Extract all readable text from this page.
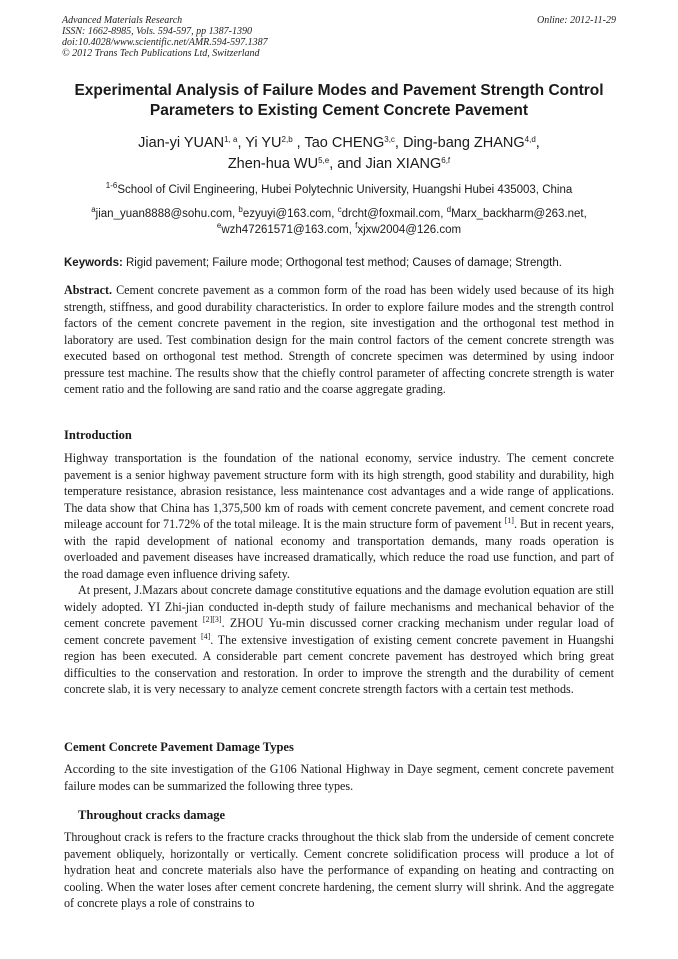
Advanced Materials Research
ISSN: 1662-8985, Vols. 594-597, pp 1387-1390
doi:10.4028/www.scientific.net/AMR.594-597.1387
© 2012 Trans Tech Publications Ltd, Switzerland
Online: 2012-11-29
Experimental Analysis of Failure Modes and Pavement Strength Control
Parameters to Existing Cement Concrete Pavement
Jian-yi YUAN$^{1, a}$, Yi YU$^{2,b}$ , Tao CHENG$^{3,c}$, Ding-bang ZHANG$^{4,d}$,
Zhen-hua WU$^{5,e}$, and Jian XIANG$^{6,f}$
$^{1-6}$School of Civil Engineering, Hubei Polytechnic University, Huangshi Hubei 435003, China
$^a$jian_yuan8888@sohu.com, $^b$ezyuyi@163.com, $^c$drcht@foxmail.com, $^d$Marx_backharm@263.net,
$^e$wzh47261571@163.com, $^f$xjxw2004@126.com
Keywords: Rigid pavement; Failure mode; Orthogonal test method; Causes of damage; Strength.

Abstract. Cement concrete pavement as a common form of the road has been widely used because of its high strength, stiffness, and good durability characteristics. In order to explore failure modes and the strength control factors of the cement concrete pavement in the region, site investigation and the orthogonal test method in laboratory are used. Test combination design for the main control factors of the cement concrete strength was executed based on orthogonal test method. Strength of concrete specimen was determined by using indoor pressure test machine. The results show that the chiefly control parameter of affecting concrete strength is water cement ratio and the following are sand ratio and the coarse aggregate grading.

Introduction

Highway transportation is the foundation of the national economy, service industry. The cement concrete pavement is a senior highway pavement structure form with its high strength, good stability and durability, high temperature resistance, abrasion resistance, less maintenance cost advantages and a wide range of applications. The data show that China has 1,375,500 km of roads with cement concrete pavement, and cement concrete road mileage account for 71.72% of the total mileage. It is the main structure form of pavement [1]. But in recent years, with the rapid development of national economy and transportation demands, many roads operation is overloaded and pavement diseases have increased dramatically, which reduce the road use function, and part of the road damage even influence driving safety.

At present, J.Mazars about concrete damage constitutive equations and the damage evolution equation are still widely adopted. YI Zhi-jian conducted in-depth study of failure mechanisms and mechanical behavior of the cement concrete pavement [2][3]. ZHOU Yu-min discussed corner cracking mechanism under regular load of cement concrete pavement [4]. The extensive investigation of existing cement concrete pavement in Huangshi region has been executed. A considerable part cement concrete pavement has destroyed which bring great difficulties to the conservation and restoration. In order to improve the strength and the durability of cement concrete slab, it is very necessary to analyze cement concrete strength factors with a certain test methods.

Cement Concrete Pavement Damage Types

According to the site investigation of the G106 National Highway in Daye segment, cement concrete pavement failure modes can be summarized the following three types.

Throughout cracks damage

Throughout crack is refers to the fracture cracks throughout the thick slab from the underside of cement concrete pavement obliquely, horizontally or vertically. Cement concrete solidification process will produce a lot of hydration heat and concrete materials also have the performance of expanding on heating and contracting on cooling. When the water loses after cement concrete hardening, the cement slurry will shrink. And the aggregate of concrete plays a role of constrains to
